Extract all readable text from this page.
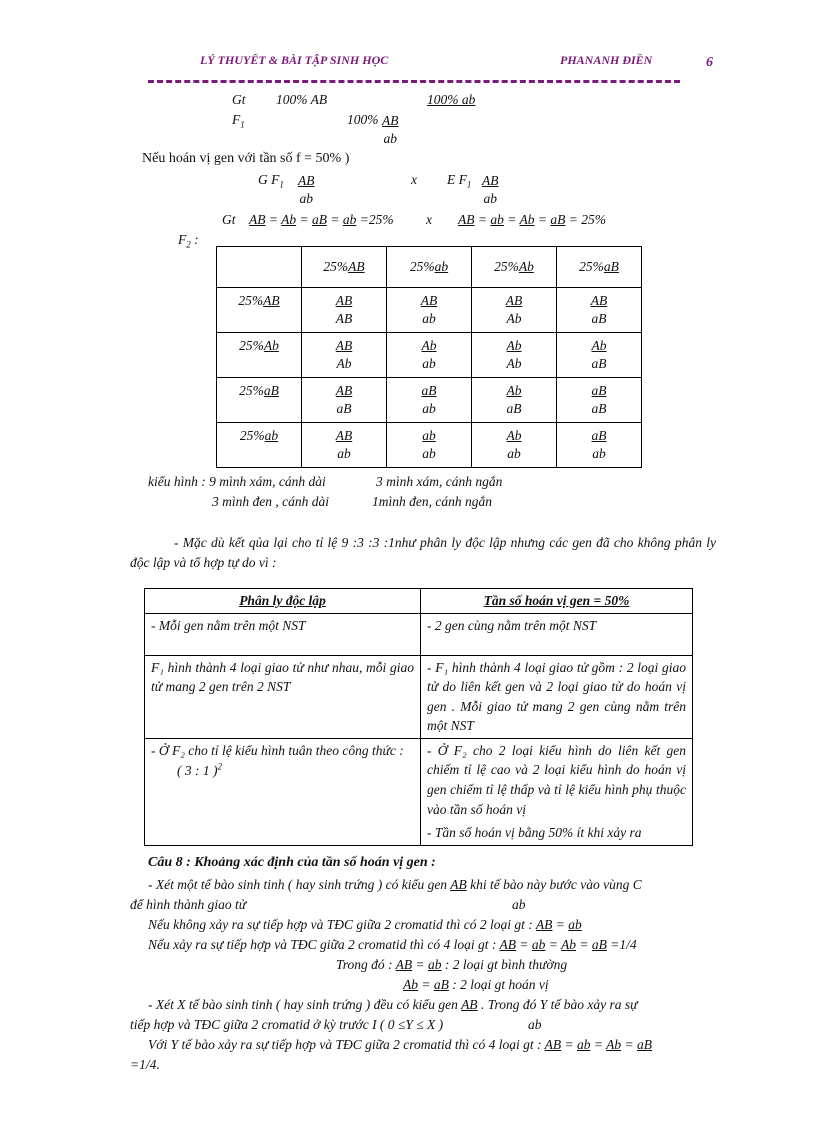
LÝ THUYẾT & BÀI TẬP SINH HỌC	PHANANH ĐIỀN	6
Gt 100% AB	100% ab
$F_1$	$100\% \frac{AB}{ab}$
Nếu hoán vị gen với tần số f = 50% )
G $F_1 \frac{AB}{ab}$	x E $F_1 \frac{AB}{ab}$
Gt AB = Ab = aB = ab =25% x AB = ab = Ab = aB = 25%
$F_2$ :
	25%AB	25%ab	25%Ab	25%aB
25%AB	$\frac{AB}{AB}$	$\frac{AB}{ab}$	$\frac{AB}{Ab}$	$\frac{AB}{aB}$

25%Ab	$\frac{AB}{Ab}$	$\frac{Ab}{ab}$	$\frac{Ab}{Ab}$	$\frac{Ab}{aB}$

25%aB	$\frac{AB}{aB}$	$\frac{aB}{ab}$	$\frac{Ab}{aB}$	$\frac{aB}{aB}$

25%ab	$\frac{AB}{ab}$	$\frac{ab}{ab}$	$\frac{Ab}{ab}$	$\frac{aB}{ab}$
kiểu hình : 9 mình xám, cánh dài	3 mình xám, cánh ngắn
3 mình đen , cánh dài	1mình đen, cánh ngắn
- Mặc dù kết qủa lại cho tỉ lệ 9 :3 :3 :1như phân ly độc lập nhưng các gen đã cho không phân ly độc lập và tổ hợp tự do vì :
Phân ly độc lập	Tần số hoán vị gen = 50%
- Mỗi gen nằm trên một NST	- 2 gen cùng nằm trên một NST
F₁ hình thành 4 loại giao tử như nhau, mỗi giao tử mang 2 gen trên 2 NST	- F₁ hình thành 4 loại giao tử gồm : 2 loại giao tử do liên kết gen và 2 loại giao tử do hoán vị gen . Mỗi giao tử mang 2 gen cùng nằm trên một NST
- Ở F₂ cho tỉ lệ kiểu hình tuân theo công thức :
( 3 : 1 )$^2$	- Ở F₂ cho 2 loại kiểu hình do liên kết gen chiếm tỉ lệ cao và 2 loại kiểu hình do hoán vị gen chiếm tỉ lệ thấp và tỉ lệ kiểu hình phụ thuộc vào tần số hoán vị
	- Tần số hoán vị bằng 50% ít khi xảy ra
Câu 8 : Khoảng xác định của tần số hoán vị gen :
- Xét một tế bào sinh tinh ( hay sinh trứng ) có kiểu gen AB khi tế bào này bước vào vùng C
để hình thành giao tử	ab
Nếu không xảy ra sự tiếp hợp và TĐC giữa 2 cromatid thì có 2 loại gt : AB = ab
Nếu xảy ra sự tiếp hợp và TĐC giữa 2 cromatid thì có 4 loại gt : AB = ab = Ab = aB =1/4
Trong đó : AB = ab : 2 loại gt bình thường
Ab = aB : 2 loại gt hoán vị
- Xét X tế bào sinh tinh ( hay sinh trứng ) đều có kiểu gen AB . Trong đó Y tế bào xảy ra sự
tiếp hợp và TĐC giữa 2 cromatid ở kỳ trước I ( 0 ≤Y ≤ X )	ab
Với Y tế bào xảy ra sự tiếp hợp và TĐC giữa 2 cromatid thì có 4 loại gt : AB = ab = Ab = aB
=1/4.
